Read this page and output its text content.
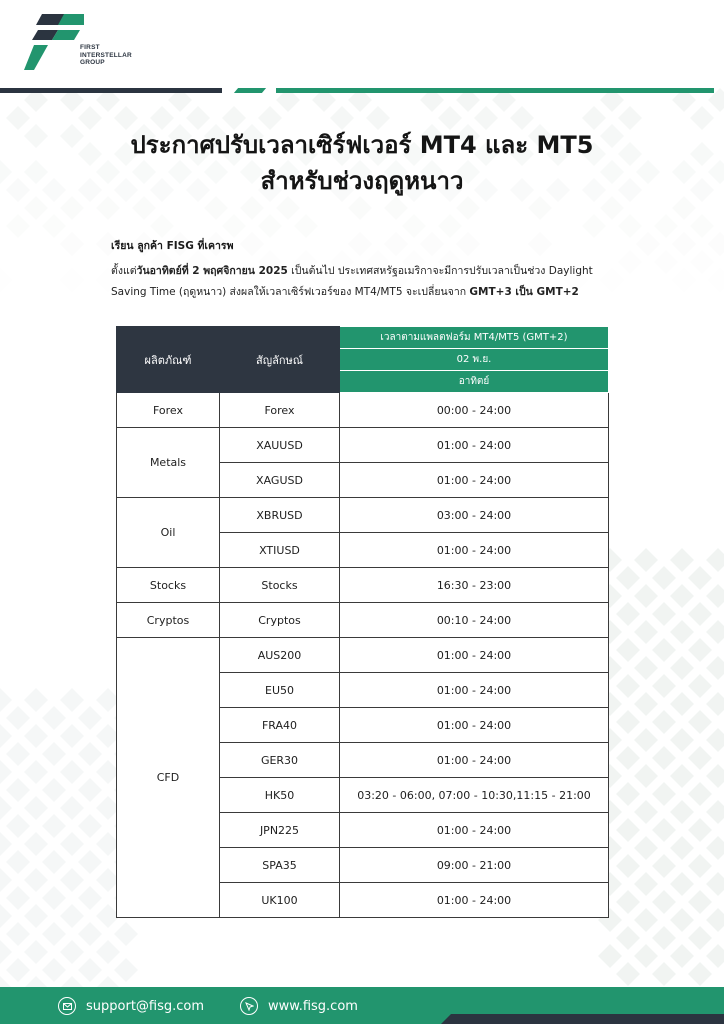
FIRST
INTERSTELLAR
GROUP
ประกาศปรับเวลาเซิร์ฟเวอร์ MT4 และ MT5
สำหรับช่วงฤดูหนาว
เรียน ลูกค้า FISG ที่เคารพ
ตั้งแต่วันอาทิตย์ที่ 2 พฤศจิกายน 2025 เป็นต้นไป ประเทศสหรัฐอเมริกาจะมีการปรับเวลาเป็นช่วง Daylight Saving Time (ฤดูหนาว) ส่งผลให้เวลาเซิร์ฟเวอร์ของ MT4/MT5 จะเปลี่ยนจาก GMT+3 เป็น GMT+2
ผลิตภัณฑ์	สัญลักษณ์	เวลาตามแพลตฟอร์ม MT4/MT5 (GMT+2)
		02 พ.ย.
		อาทิตย์
Forex	Forex	00:00 - 24:00
Metals	XAUUSD	01:00 - 24:00
	XAGUSD	01:00 - 24:00
Oil	XBRUSD	03:00 - 24:00
	XTIUSD	01:00 - 24:00
Stocks	Stocks	16:30 - 23:00
Cryptos	Cryptos	00:10 - 24:00
CFD	AUS200	01:00 - 24:00
	EU50	01:00 - 24:00
	FRA40	01:00 - 24:00
	GER30	01:00 - 24:00
	HK50	03:20 - 06:00, 07:00 - 10:30,11:15 - 21:00
	JPN225	01:00 - 24:00
	SPA35	09:00 - 21:00
	UK100	01:00 - 24:00
support@fisg.com	www.fisg.com
